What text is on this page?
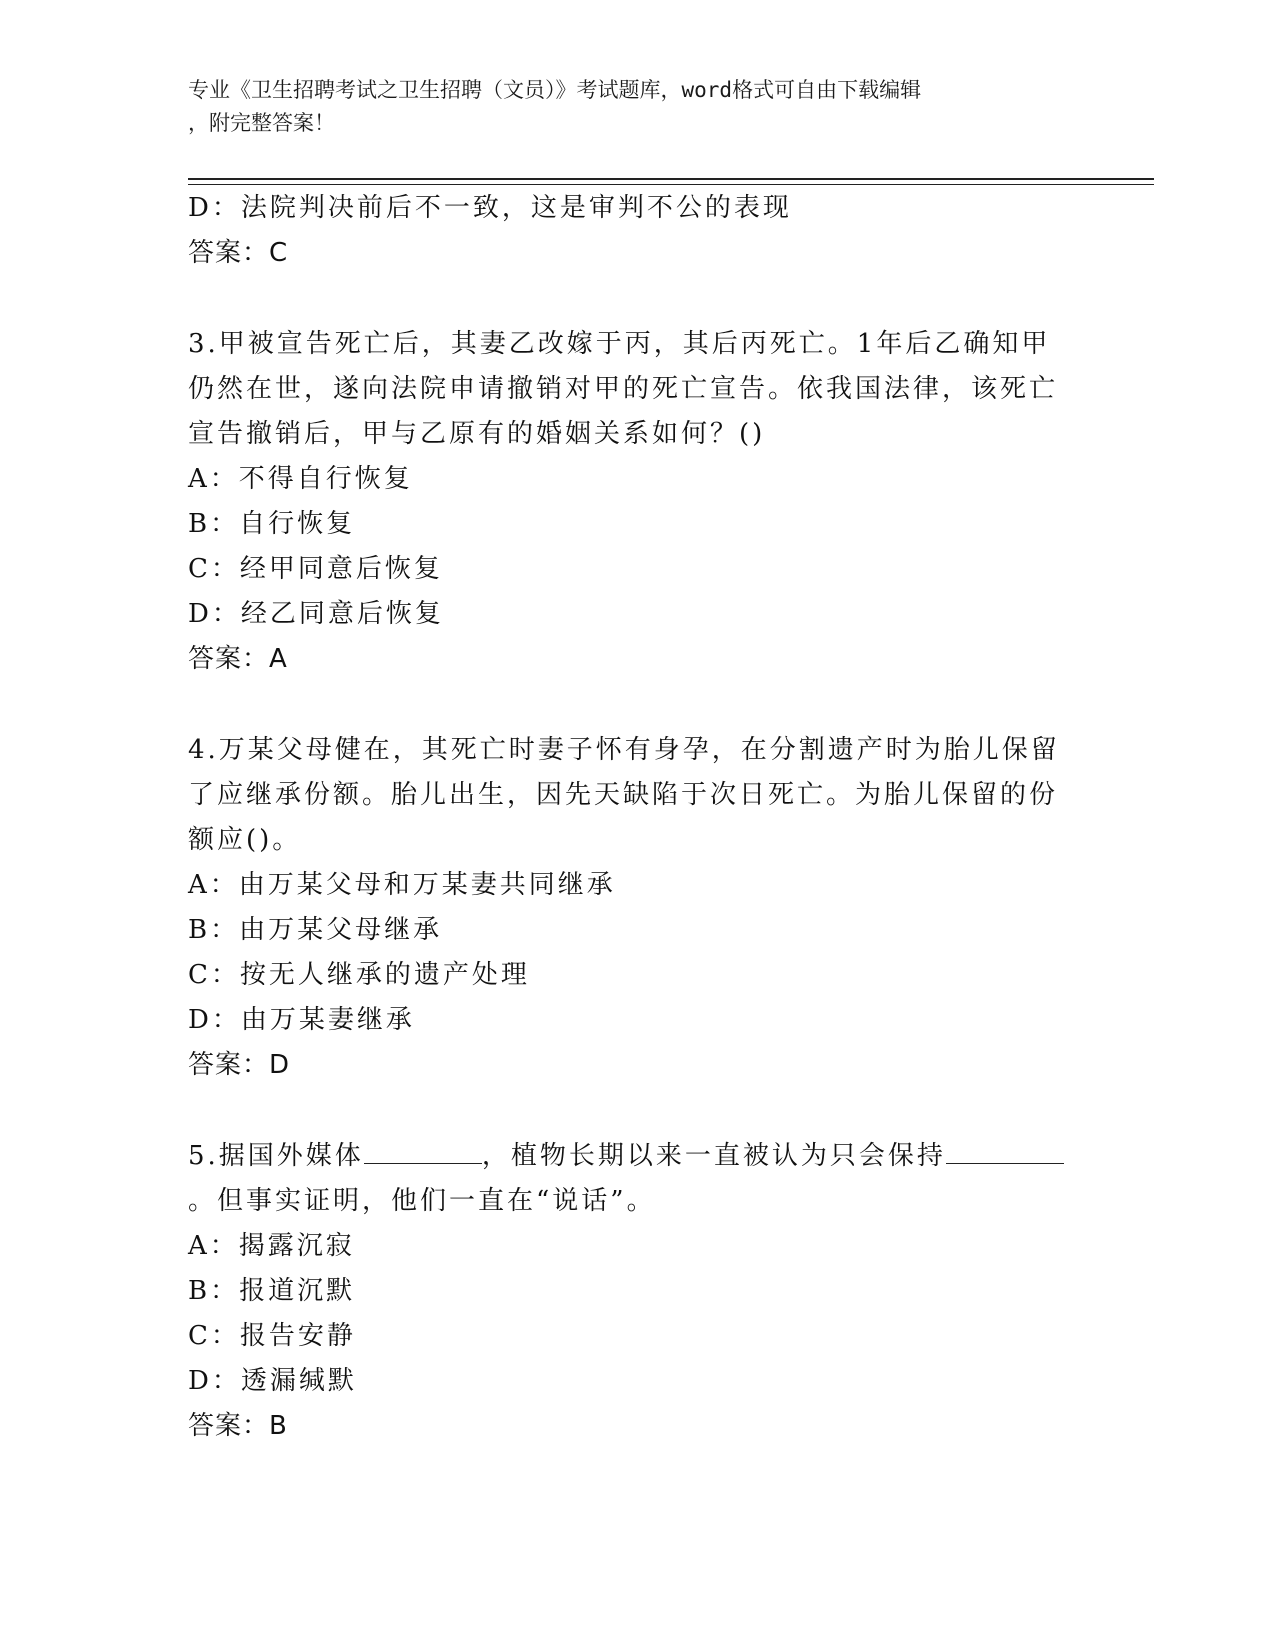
专业《卫生招聘考试之卫生招聘（文员）》考试题库，word格式可自由下载编辑
，附完整答案！
D：法院判决前后不一致，这是审判不公的表现
答案：C
3.甲被宣告死亡后，其妻乙改嫁于丙，其后丙死亡。1年后乙确知甲仍然在世，遂向法院申请撤销对甲的死亡宣告。依我国法律，该死亡宣告撤销后，甲与乙原有的婚姻关系如何？()
A：不得自行恢复
B：自行恢复
C：经甲同意后恢复
D：经乙同意后恢复
答案：A
4.万某父母健在，其死亡时妻子怀有身孕，在分割遗产时为胎儿保留了应继承份额。胎儿出生，因先天缺陷于次日死亡。为胎儿保留的份额应()。
A：由万某父母和万某妻共同继承
B：由万某父母继承
C：按无人继承的遗产处理
D：由万某妻继承
答案：D
5.据国外媒体	，植物长期以来一直被认为只会保持。但事实证明，他们一直在“说话”。
A：揭露沉寂
B：报道沉默
C：报告安静
D：透漏缄默
答案：B
